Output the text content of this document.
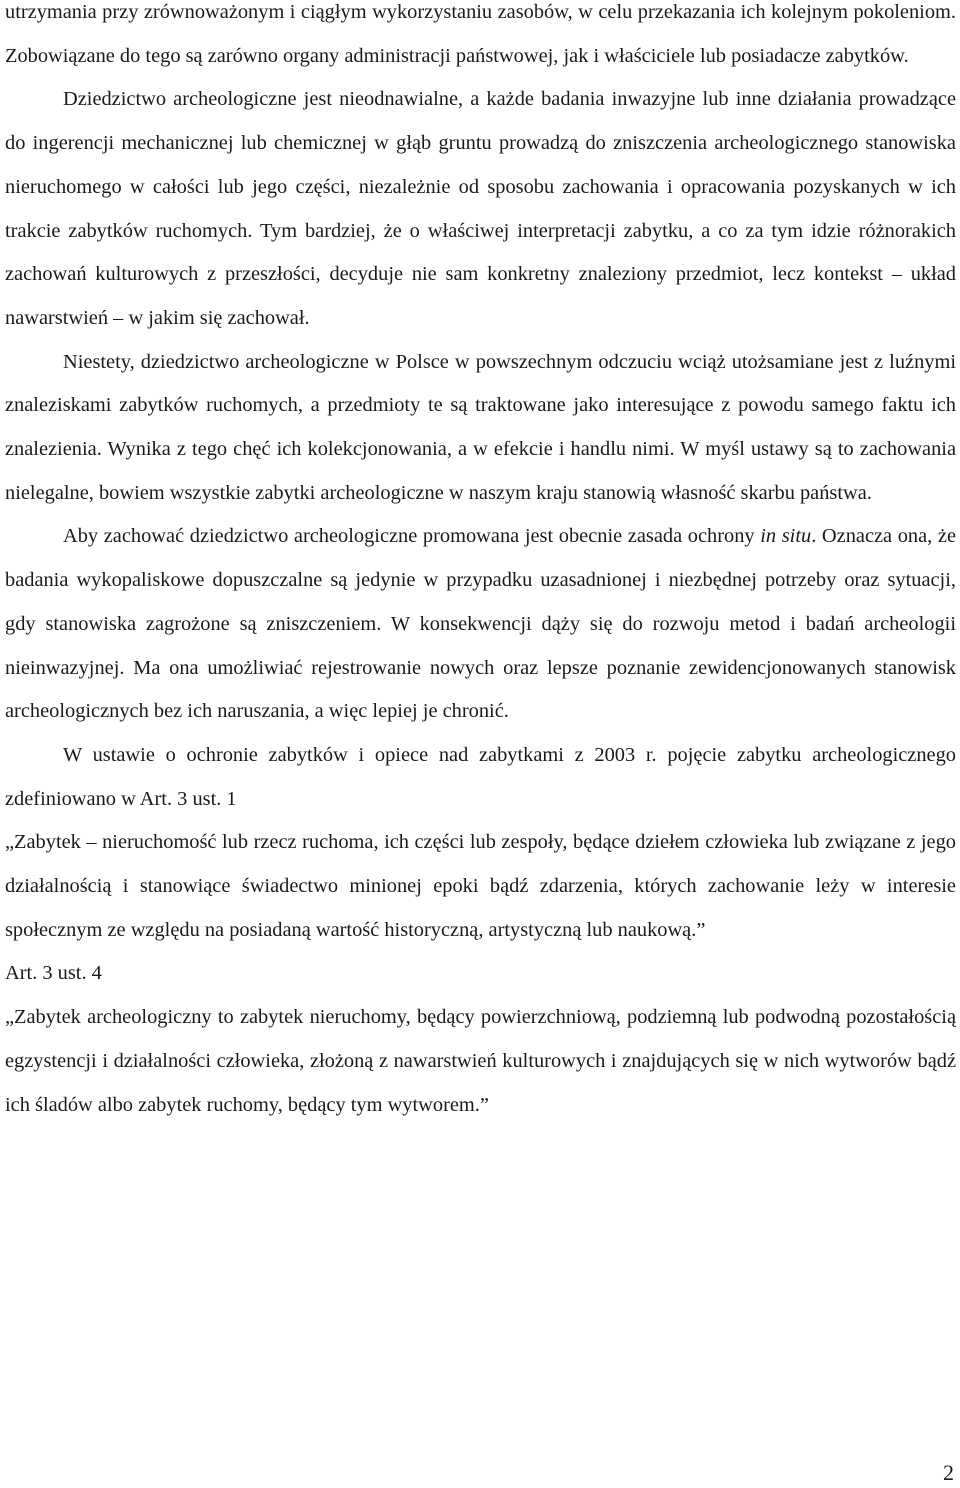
utrzymania przy zrównoważonym i ciągłym wykorzystaniu zasobów, w celu przekazania ich kolejnym pokoleniom. Zobowiązane do tego są zarówno organy administracji państwowej, jak i właściciele lub posiadacze zabytków.

Dziedzictwo archeologiczne jest nieodnawialne, a każde badania inwazyjne lub inne działania prowadzące do ingerencji mechanicznej lub chemicznej w głąb gruntu prowadzą do zniszczenia archeologicznego stanowiska nieruchomego w całości lub jego części, niezależnie od sposobu zachowania i opracowania pozyskanych w ich trakcie zabytków ruchomych. Tym bardziej, że o właściwej interpretacji zabytku, a co za tym idzie różnorakich zachowań kulturowych z przeszłości, decyduje nie sam konkretny znaleziony przedmiot, lecz kontekst – układ nawarstwień – w jakim się zachował.

Niestety, dziedzictwo archeologiczne w Polsce w powszechnym odczuciu wciąż utożsamiane jest z luźnymi znaleziskami zabytków ruchomych, a przedmioty te są traktowane jako interesujące z powodu samego faktu ich znalezienia. Wynika z tego chęć ich kolekcjonowania, a w efekcie i handlu nimi. W myśl ustawy są to zachowania nielegalne, bowiem wszystkie zabytki archeologiczne w naszym kraju stanowią własność skarbu państwa.

Aby zachować dziedzictwo archeologiczne promowana jest obecnie zasada ochrony in situ. Oznacza ona, że badania wykopaliskowe dopuszczalne są jedynie w przypadku uzasadnionej i niezbędnej potrzeby oraz sytuacji, gdy stanowiska zagrożone są zniszczeniem. W konsekwencji dąży się do rozwoju metod i badań archeologii nieinwazyjnej. Ma ona umożliwiać rejestrowanie nowych oraz lepsze poznanie zewidencjonowanych stanowisk archeologicznych bez ich naruszania, a więc lepiej je chronić.

W ustawie o ochronie zabytków i opiece nad zabytkami z 2003 r. pojęcie zabytku archeologicznego zdefiniowano w Art. 3 ust. 1

„Zabytek – nieruchomość lub rzecz ruchoma, ich części lub zespoły, będące dziełem człowieka lub związane z jego działalnością i stanowiące świadectwo minionej epoki bądź zdarzenia, których zachowanie leży w interesie społecznym ze względu na posiadaną wartość historyczną, artystyczną lub naukową.”

Art. 3 ust. 4

„Zabytek archeologiczny to zabytek nieruchomy, będący powierzchniową, podziemną lub podwodną pozostałością egzystencji i działalności człowieka, złożoną z nawarstwień kulturowych i znajdujących się w nich wytworów bądź ich śladów albo zabytek ruchomy, będący tym wytworem.”

2
